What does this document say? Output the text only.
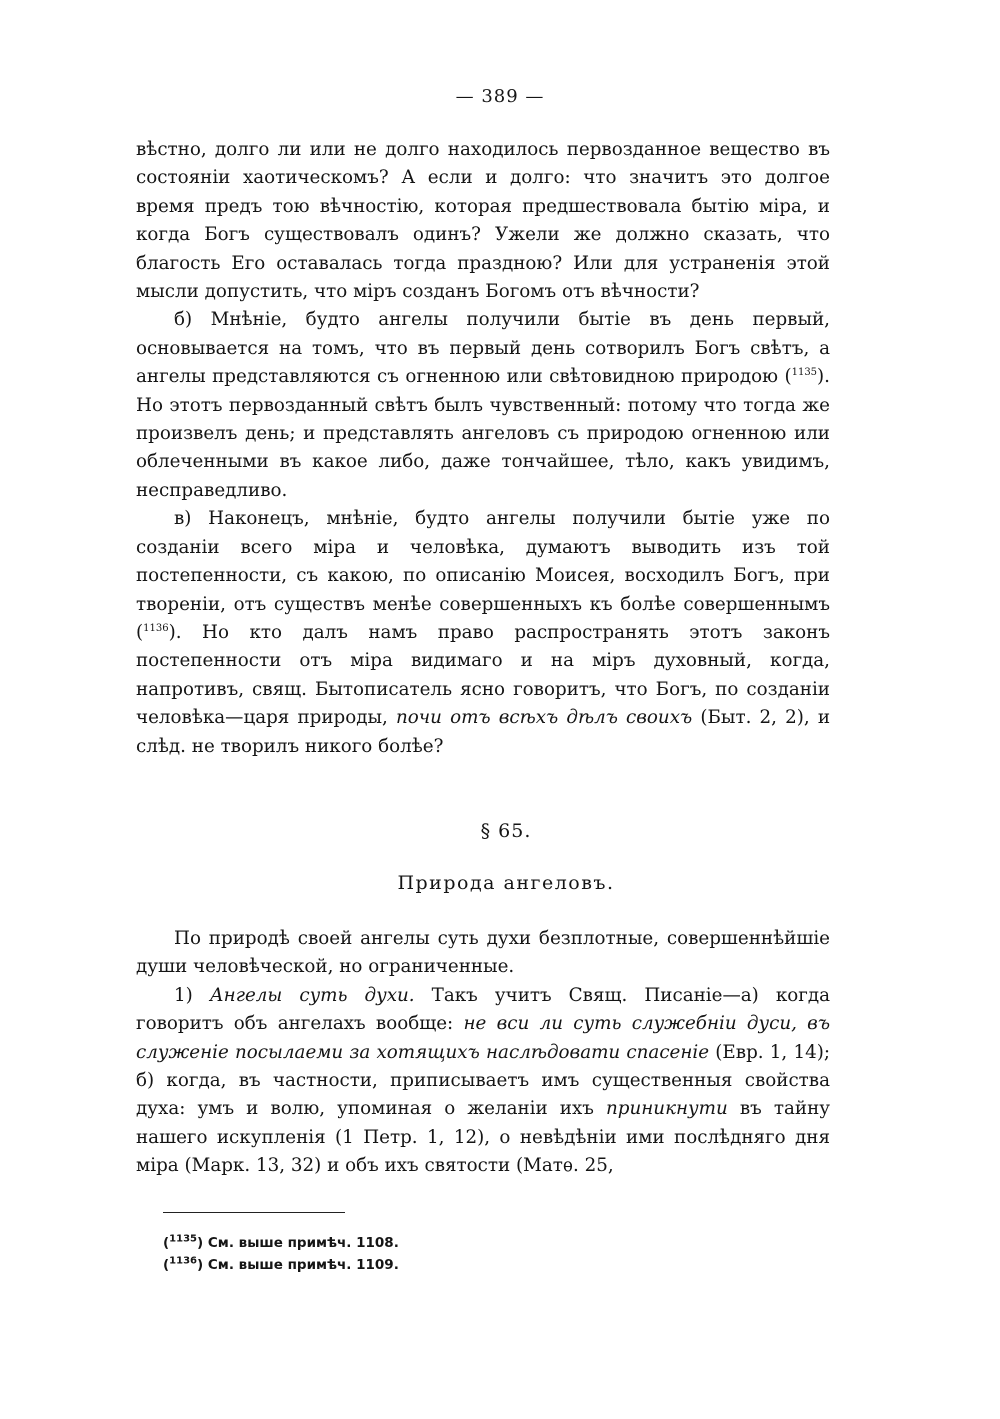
— 389 —

вѣстно, долго ли или не долго находилось первозданное вещество въ состояніи хаотическомъ? А если и долго: что значитъ это долгое время предъ тою вѣчностію, которая предшествовала бытію міра, и когда Богъ существовалъ одинъ? Ужели же должно сказать, что благость Его оставалась тогда праздною? Или для устраненія этой мысли допустить, что міръ созданъ Богомъ отъ вѣчности?

б) Мнѣніе, будто ангелы получили бытіе въ день первый, основывается на томъ, что въ первый день сотворилъ Богъ свѣтъ, а ангелы представляются съ огненною или свѣтовидною природою ($^{1135}$). Но этотъ первозданный свѣтъ былъ чувственный: потому что тогда же произвелъ день; и представлять ангеловъ съ природою огненною или облеченными въ какое либо, даже тончайшее, тѣло, какъ увидимъ, несправедливо.

в) Наконецъ, мнѣніе, будто ангелы получили бытіе уже по созданіи всего міра и человѣка, думаютъ выводить изъ той постепенности, съ какою, по описанію Моисея, восходилъ Богъ, при твореніи, отъ существъ менѣе совершенныхъ къ болѣе совершеннымъ ($^{1136}$). Но кто далъ намъ право распространять этотъ законъ постепенности отъ міра видимаго и на міръ духовный, когда, напротивъ, свящ. Бытописатель ясно говоритъ, что Богъ, по созданіи человѣка—царя природы, почи отъ всѣхъ дѣлъ своихъ (Быт. 2, 2), и слѣд. не творилъ никого болѣе?

§ 65.
Природа ангеловъ.

По природѣ своей ангелы суть духи безплотные, совершеннѣйшіе души человѣческой, но ограниченные.

1) Ангелы суть духи. Такъ учитъ Свящ. Писаніе—а) когда говоритъ объ ангелахъ вообще: не вси ли суть служебніи дуси, въ служеніе посылаеми за хотящихъ наслѣдовати спасеніе (Евр. 1, 14); б) когда, въ частности, приписываетъ имъ существенныя свойства духа: умъ и волю, упоминая о желаніи ихъ приникнути въ тайну нашего искупленія (1 Петр. 1, 12), о невѣдѣніи ими послѣдняго дня міра (Марк. 13, 32) и объ ихъ святости (Матѳ. 25,

($^{1135}$) См. выше примѣч. 1108.
($^{1136}$) См. выше примѣч. 1109.
